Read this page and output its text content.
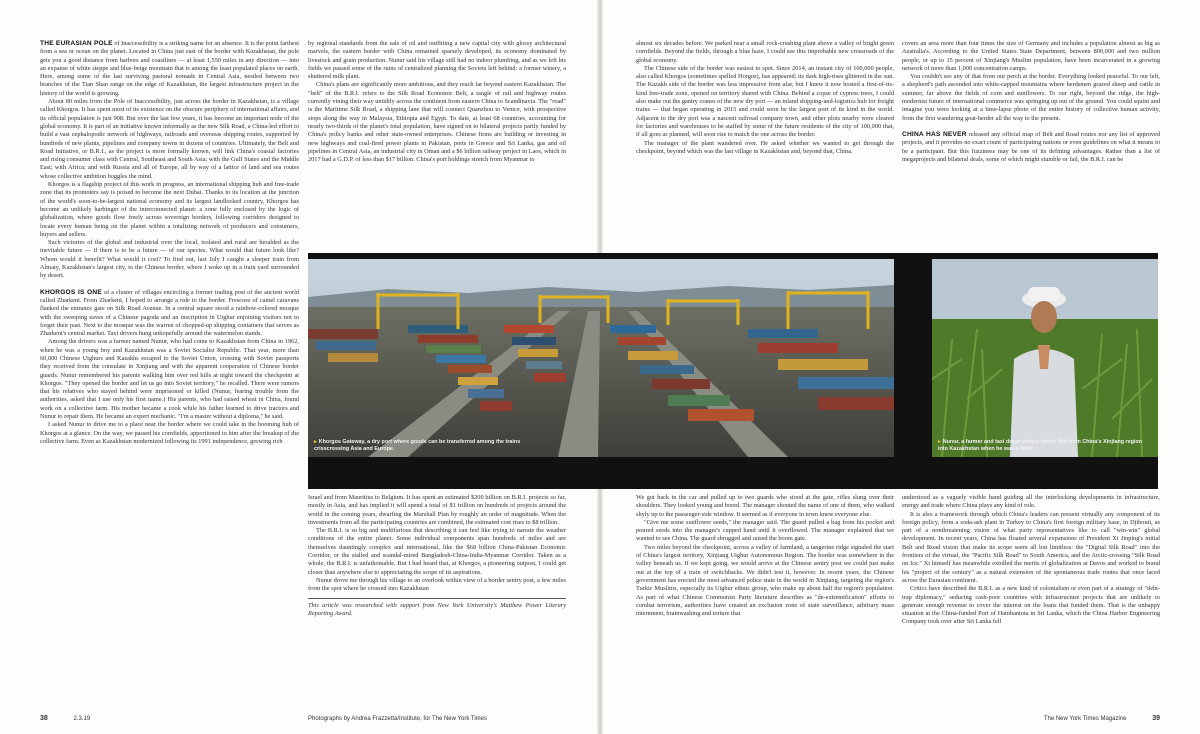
THE EURASIAN POLE of Inaccessibility is a striking name for an absence. It is the point farthest from a sea or ocean on the planet. Located in China just east of the border with Kazakhstan, the pole gets you a good distance from harbors and coastlines — at least 1,550 miles in any direction — into an expanse of white steppe and blue-beige mountain that is among the least populated places on earth. Here, among some of the last surviving pastoral nomads in Central Asia, nestled between two branches of the Tian Shan range on the edge of Kazakhstan, the largest infrastructure project in the history of the world is growing.

About 80 miles from the Pole of Inaccessibility, just across the border in Kazakhstan, is a village called Khorgos. It has spent most of its existence on the obscure periphery of international affairs, and its official population is just 908. But over the last few years, it has become an important node of the global economy. It is part of an initiative known informally as the new Silk Road, a China-led effort to build a vast cephalopodic network of highways, railroads and overseas shipping routes, supported by hundreds of new plants, pipelines and company towns in dozens of countries. Ultimately, the Belt and Road Initiative, or B.R.I., as the project is more formally known, will link China's coastal factories and rising consumer class with Central, Southeast and South Asia; with the Gulf States and the Middle East; with Africa; and with Russia and all of Europe, all by way of a lattice of land and sea routes whose collective ambition boggles the mind.

Khorgos is a flagship project of this work in progress, an international shipping hub and free-trade zone that its promoters say is poised to become the next Dubai. Thanks to its location at the junction of the world's soon-to-be-largest national economy and its largest landlocked country, Khorgos has become an unlikely harbinger of the interconnected planet: a zone fully enclosed by the logic of globalization, where goods flow freely across sovereign borders, following corridors designed to locate every human being on the planet within a totalizing network of producers and consumers, buyers and sellers.

Such victories of the global and industrial over the local, isolated and rural are heralded as the inevitable future — if there is to be a future — of our species. What would that future look like? Whom would it benefit? What would it cost? To find out, last July I caught a sleeper train from Almaty, Kazakhstan's largest city, to the Chinese border, where I woke up in a train yard surrounded by desert.

KHORGOS IS ONE of a cluster of villages encircling a former trading post of the ancient world called Zharkent. From Zharkent, I hoped to arrange a ride to the border. Frescoes of camel caravans flanked the entrance gate on Silk Road Avenue. In a central square stood a rainbow-colored mosque with the sweeping eaves of a Chinese pagoda and an inscription in Uighur enjoining visitors not to forget their past. Next to the mosque was the warren of chopped-up shipping containers that serves as Zharkent's central market. Taxi drivers hung unhopefully around the watermelon stands.

Among the drivers was a farmer named Nunur, who had come to Kazakhstan from China in 1962, when he was a young boy and Kazakhstan was a Soviet Socialist Republic. That year, more than 60,000 Chinese Uighurs and Kazakhs escaped to the Soviet Union, crossing with Soviet passports they received from the consulate in Xinjiang and with the apparent cooperation of Chinese border guards. Nunur remembered his parents walking him over red hills at night toward the checkpoint at Khorgos. "They opened the border and let us go into Soviet territory," he recalled. There were rumors that his relatives who stayed behind were imprisoned or killed (Nunur, fearing trouble from the authorities, asked that I use only his first name.) His parents, who had raised wheat in China, found work on a collective farm. His mother became a cook while his father learned to drive tractors and Nunur to repair them. He became an expert mechanic. "I'm a master without a diploma," he said.

I asked Nunur to drive me to a place near the border where we could take in the booming hub of Khorgos at a glance. On the way, we passed his cornfields, apportioned to him after the breakup of the collective farm. Even as Kazakhstan modernized following its 1991 independence, growing rich

by regional standards from the sale of oil and outfitting a new capital city with glossy architectural marvels, the eastern border with China remained sparsely developed, its economy dominated by livestock and grain production. Nunur said his village still had no indoor plumbing, and as we left his fields we passed some of the ruins of centralized planning the Soviets left behind: a former winery, a shuttered milk plant.

China's plans are significantly more ambitious, and they reach far beyond eastern Kazakhstan. The "belt" of the B.R.I. refers to the Silk Road Economic Belt, a tangle of rail and highway routes currently vining their way untidily across the continent from eastern China to Scandinavia. The "road" is the Maritime Silk Road, a shipping lane that will connect Quanzhou to Venice, with prospective stops along the way in Malaysia, Ethiopia and Egypt. To date, at least 68 countries, accounting for nearly two-thirds of the planet's total population, have signed on to bilateral projects partly funded by China's policy banks and other state-owned enterprises. Chinese firms are building or investing in new highways and coal-fired power plants in Pakistan, ports in Greece and Sri Lanka, gas and oil pipelines in Central Asia, an industrial city in Oman and a $6 billion railway project in Laos, which in 2017 had a G.D.P. of less than $17 billion. China's port holdings stretch from Myanmar to

Israel and from Mauritius to Belgium. It has spent an estimated $200 billion on B.R.I. projects so far, mostly in Asia, and has implied it will spend a total of $1 trillion on hundreds of projects around the world in the coming years, dwarfing the Marshall Plan by roughly an order of magnitude. When the investments from all the participating countries are combined, the estimated cost rises to $8 trillion.

The B.R.I. is so big and multifarious that describing it can feel like trying to narrate the weather conditions of the entire planet. Some individual components span hundreds of miles and are themselves dauntingly complex and international, like the $68 billion China-Pakistan Economic Corridor, or the stalled and scandal-mired Bangladesh-China-India-Myanmar Corridor. Taken as a whole, the B.R.I. is unfathomable. But I had heard that, at Khorgos, a pioneering outpost, I could get closer than anywhere else to appreciating the scope of its aspirations.

Nunur drove me through his village to an overlook within view of a border sentry post, a few miles from the spot where he crossed into Kazakhstan

This article was researched with support from New York University's Matthew Power Literary Reporting Award.

almost six decades before. We parked near a small rock-crushing plant above a valley of bright green cornfields. Beyond the fields, through a blue haze, I could see this improbable new crossroads of the global economy.

The Chinese side of the border was easiest to spot. Since 2014, an instant city of 100,000 people, also called Khorgos (sometimes spelled Horgos), has appeared; its dark high-rises glittered in the sun. The Kazakh side of the border was less impressive from afar, but I knew it now hosted a first-of-its-kind free-trade zone, opened on territory shared with China. Behind a copse of cypress trees, I could also make out the gantry cranes of the new dry port — an inland shipping-and-logistics hub for freight trains — that began operating in 2015 and could soon be the largest port of its kind in the world. Adjacent to the dry port was a nascent railroad company town, and other plots nearby were cleared for factories and warehouses to be staffed by some of the future residents of the city of 100,000 that, if all goes as planned, will soon rise to match the one across the border.

The manager of the plant wandered over. He asked whether we wanted to get through the checkpoint, beyond which was the last village in Kazakhstan and, beyond that, China.

covers an area more than four times the size of Germany and includes a population almost as big as Australia's. According to the United States State Department, between 800,000 and two million people, or up to 15 percent of Xinjiang's Muslim population, have been incarcerated in a growing network of more than 1,000 concentration camps.

You couldn't see any of that from our perch at the border. Everything looked peaceful. To our left, a shepherd's path ascended into white-capped mountains where herdsmen grazed sheep and cattle in summer, far above the fields of corn and sunflowers. To our right, beyond the ridge, the high-modernist future of international commerce was springing up out of the ground. You could squint and imagine you were looking at a time-lapse photo of the entire history of collective human activity, from the first wandering goat-herder all the way to the present.

CHINA HAS NEVER released any official map of Belt and Road routes nor any list of approved projects, and it provides no exact count of participating nations or even guidelines on what it means to be a participant. But this fuzziness may be one of its defining advantages. Rather than a list of megaprojects and bilateral deals, some of which might stumble or fail, the B.R.I. can be

We got back in the car and pulled up to two guards who stood at the gate, rifles slung over their shoulders. They looked young and bored. The manager shouted the name of one of them, who walked shyly up to the passenger-side window. It seemed as if everyone in town knew everyone else.

"Give me some sunflower seeds," the manager said. The guard pulled a bag from his pocket and poured seeds into the manager's cupped hand until it overflowed. The manager explained that we wanted to see China. The guard shrugged and raised the boom gate.

Two miles beyond the checkpoint, across a valley of farmland, a tangerine ridge signaled the start of China's largest territory, Xinjiang Uighur Autonomous Region. The border was somewhere in the valley beneath us. If we kept going, we would arrive at the Chinese sentry post we could just make out at the top of a train of switchbacks. We didn't test it, however. In recent years, the Chinese government has erected the most advanced police state in the world in Xinjiang, targeting the region's Turkic Muslims, especially its Uighur ethnic group, who make up about half the region's population. As part of what Chinese Communist Party literature describes as "de-extremification" efforts to combat terrorism, authorities have created an exclusion zone of state surveillance, arbitrary mass internment, brainwashing and torture that

understood as a vaguely visible hand guiding all the interlocking developments in infrastructure, energy and trade where China plays any kind of role.

It is also a framework through which China's leaders can present virtually any component of its foreign policy, from a soda-ash plant in Turkey to China's first foreign military base, in Djibouti, as part of a nonthreatening vision of what party representatives like to call "win-win" global development. In recent years, China has floated several expansions of President Xi Jinping's initial Belt and Road vision that make its scope seem all but limitless: the "Digital Silk Road" into the frontiers of the virtual, the "Pacific Silk Road" to South America, and the Arctic-crossing "Silk Road on Ice." Xi himself has meanwhile extolled the merits of globalization at Davos and worked to brand his "project of the century" as a natural extension of the spontaneous trade routes that once laced across the Eurasian continent.

Critics have described the B.R.I. as a new kind of colonialism or even part of a strategy of "debt-trap diplomacy," seducing cash-poor countries with infrastructure projects that are unlikely to generate enough revenue to cover the interest on the loans that funded them. That is the unhappy situation at the China-funded Port of Hambantota in Sri Lanka, which the China Harbor Engineering Company took over after Sri Lanka fell

▸ Khorgos Gateway, a dry port where goods can be transferred among the trains crisscrossing Asia and Europe.
▸ Nunur, a farmer and taxi driver whose family fled from China's Xinjiang region into Kazakhstan when he was a child.
38	2.3.19	Photographs by Andrea Frazzetta/Institute, for The New York Times	The New York Times Magazine	39
